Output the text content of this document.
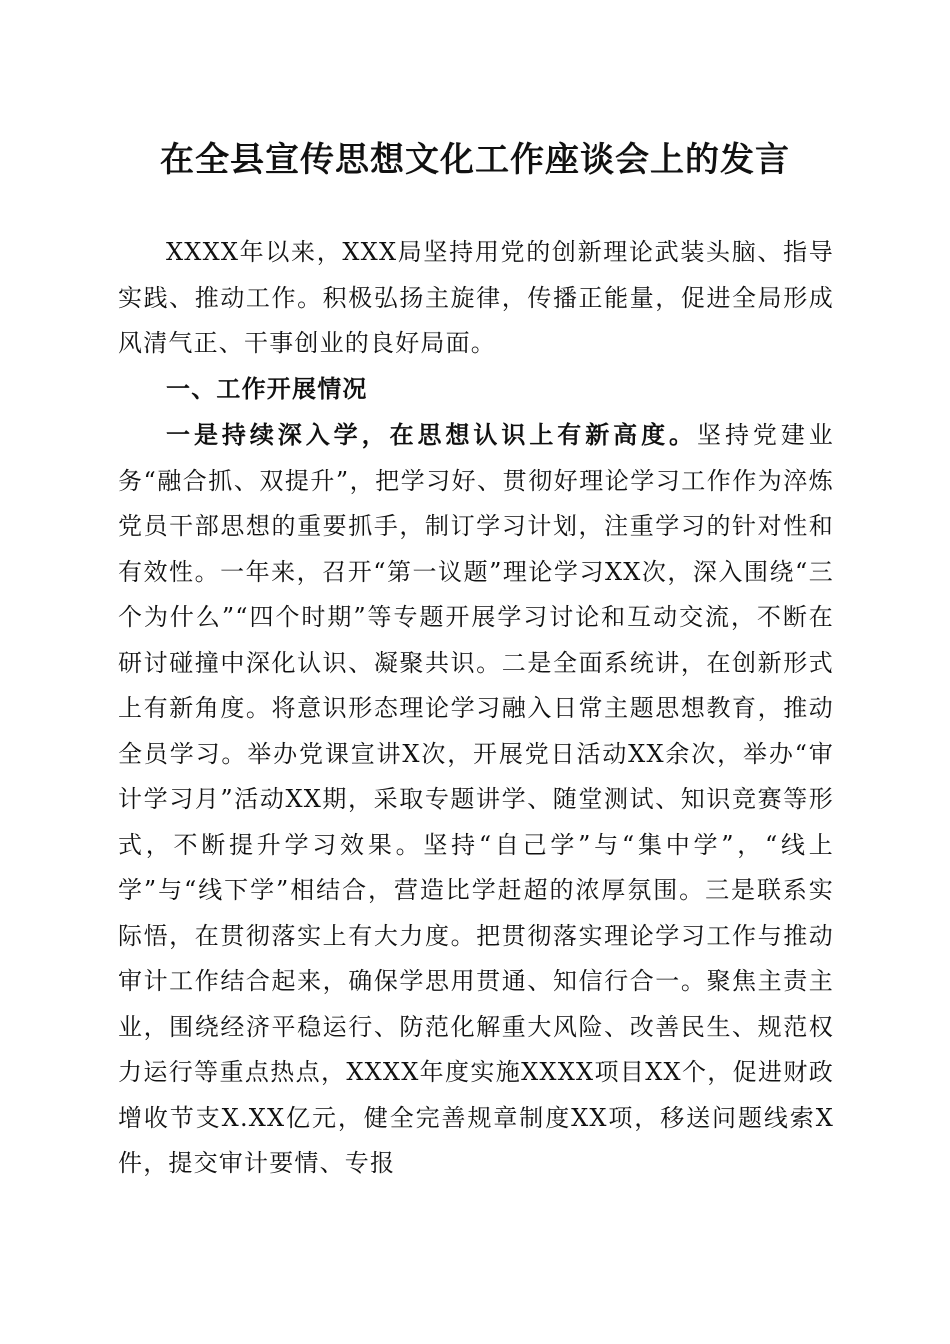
在全县宣传思想文化工作座谈会上的发言

XXXX年以来，XXX局坚持用党的创新理论武装头脑、指导实践、推动工作。积极弘扬主旋律，传播正能量，促进全局形成风清气正、干事创业的良好局面。

一、工作开展情况

一是持续深入学，在思想认识上有新高度。坚持党建业务“融合抓、双提升”，把学习好、贯彻好理论学习工作作为淬炼党员干部思想的重要抓手，制订学习计划，注重学习的针对性和有效性。一年来，召开“第一议题”理论学习XX次，深入围绕“三个为什么”“四个时期”等专题开展学习讨论和互动交流，不断在研讨碰撞中深化认识、凝聚共识。二是全面系统讲，在创新形式上有新角度。将意识形态理论学习融入日常主题思想教育，推动全员学习。举办党课宣讲X次，开展党日活动XX余次，举办“审计学习月”活动XX期，采取专题讲学、随堂测试、知识竞赛等形式，不断提升学习效果。坚持“自己学”与“集中学”，“线上学”与“线下学”相结合，营造比学赶超的浓厚氛围。三是联系实际悟，在贯彻落实上有大力度。把贯彻落实理论学习工作与推动审计工作结合起来，确保学思用贯通、知信行合一。聚焦主责主业，围绕经济平稳运行、防范化解重大风险、改善民生、规范权力运行等重点热点，XXXX年度实施XXXX项目XX个，促进财政增收节支X.XX亿元，健全完善规章制度XX项，移送问题线索X件，提交审计要情、专报
